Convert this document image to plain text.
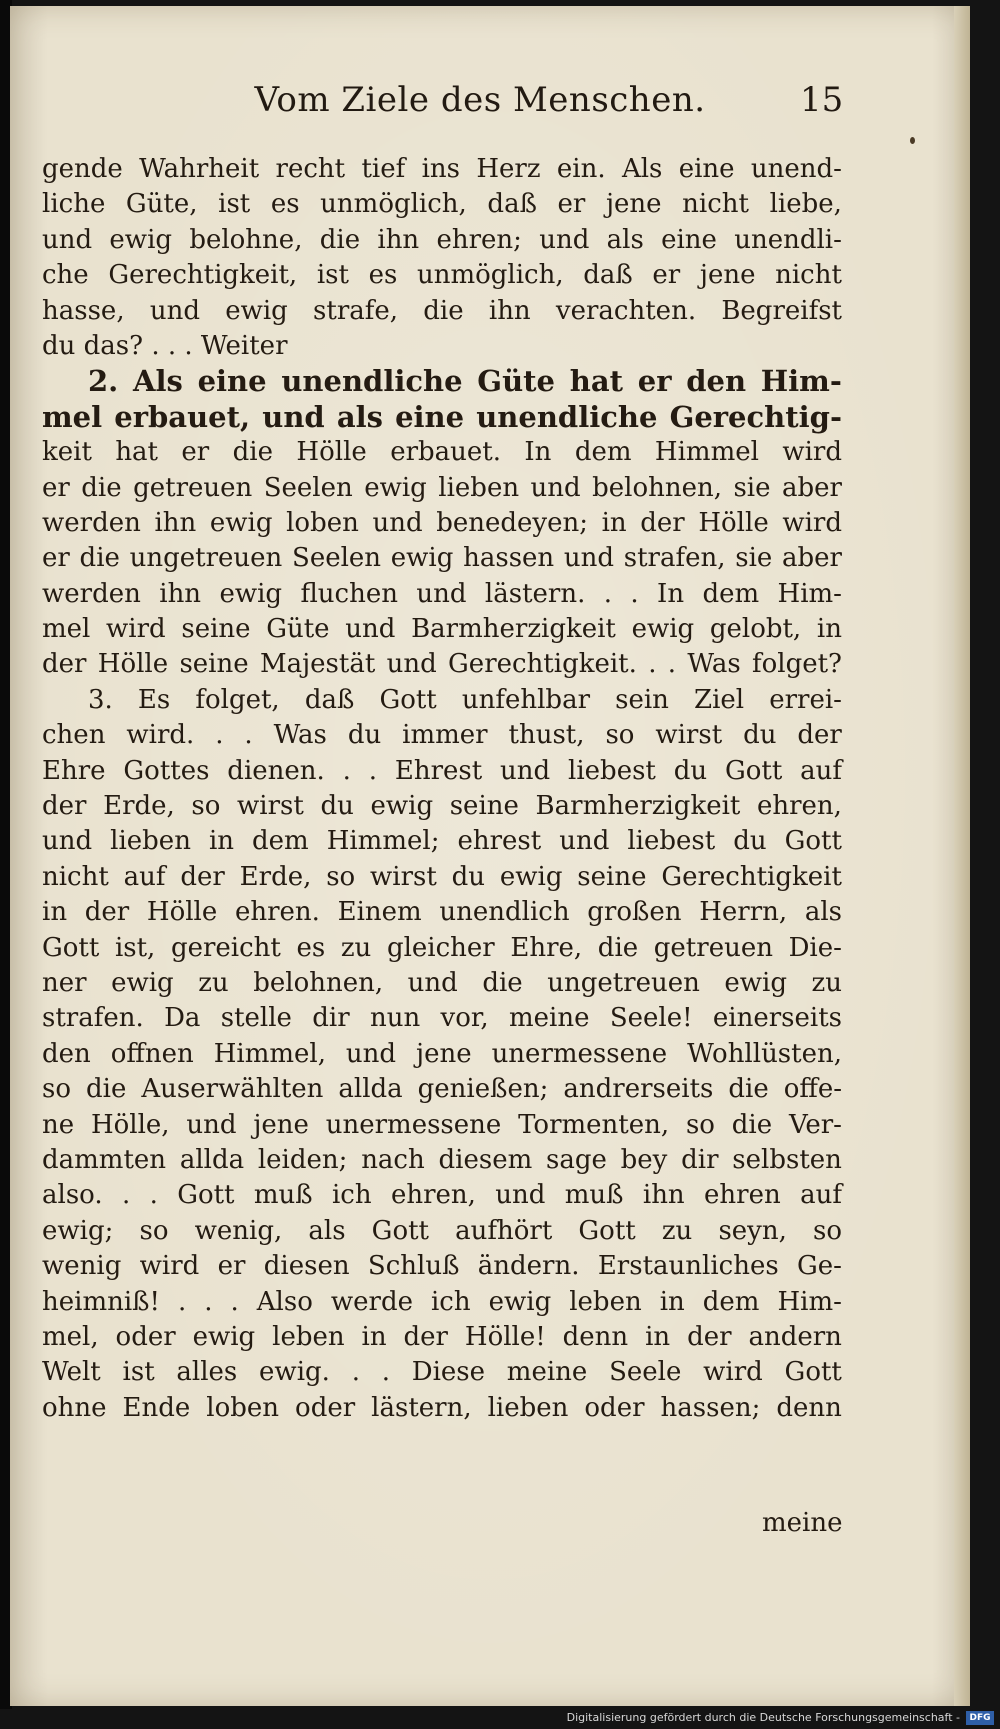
Vom Ziele des Menschen.	15
gende Wahrheit recht tief ins Herz ein. Als eine unend-
liche Güte, ist es unmöglich, daß er jene nicht liebe,
und ewig belohne, die ihn ehren; und als eine unendli-
che Gerechtigkeit, ist es unmöglich, daß er jene nicht
hasse, und ewig strafe, die ihn verachten. Begreifst
du das? . . . Weiter
2. Als eine unendliche Güte hat er den Him-
mel erbauet, und als eine unendliche Gerechtig-
keit hat er die Hölle erbauet. In dem Himmel wird
er die getreuen Seelen ewig lieben und belohnen, sie aber
werden ihn ewig loben und benedeyen; in der Hölle wird
er die ungetreuen Seelen ewig hassen und strafen, sie aber
werden ihn ewig fluchen und lästern. . . In dem Him-
mel wird seine Güte und Barmherzigkeit ewig gelobt, in
der Hölle seine Majestät und Gerechtigkeit. . . Was folget?
3. Es folget, daß Gott unfehlbar sein Ziel errei-
chen wird. . . Was du immer thust, so wirst du der
Ehre Gottes dienen. . . Ehrest und liebest du Gott auf
der Erde, so wirst du ewig seine Barmherzigkeit ehren,
und lieben in dem Himmel; ehrest und liebest du Gott
nicht auf der Erde, so wirst du ewig seine Gerechtigkeit
in der Hölle ehren. Einem unendlich großen Herrn, als
Gott ist, gereicht es zu gleicher Ehre, die getreuen Die-
ner ewig zu belohnen, und die ungetreuen ewig zu
strafen. Da stelle dir nun vor, meine Seele! einerseits
den offnen Himmel, und jene unermessene Wohllüsten,
so die Auserwählten allda genießen; andrerseits die offe-
ne Hölle, und jene unermessene Tormenten, so die Ver-
dammten allda leiden; nach diesem sage bey dir selbsten
also. . . Gott muß ich ehren, und muß ihn ehren auf
ewig; so wenig, als Gott aufhört Gott zu seyn, so
wenig wird er diesen Schluß ändern. Erstaunliches Ge-
heimniß! . . . Also werde ich ewig leben in dem Him-
mel, oder ewig leben in der Hölle! denn in der andern
Welt ist alles ewig. . . Diese meine Seele wird Gott
ohne Ende loben oder lästern, lieben oder hassen; denn
meine
Digitalisierung gefördert durch die Deutsche Forschungsgemeinschaft -	DFG
